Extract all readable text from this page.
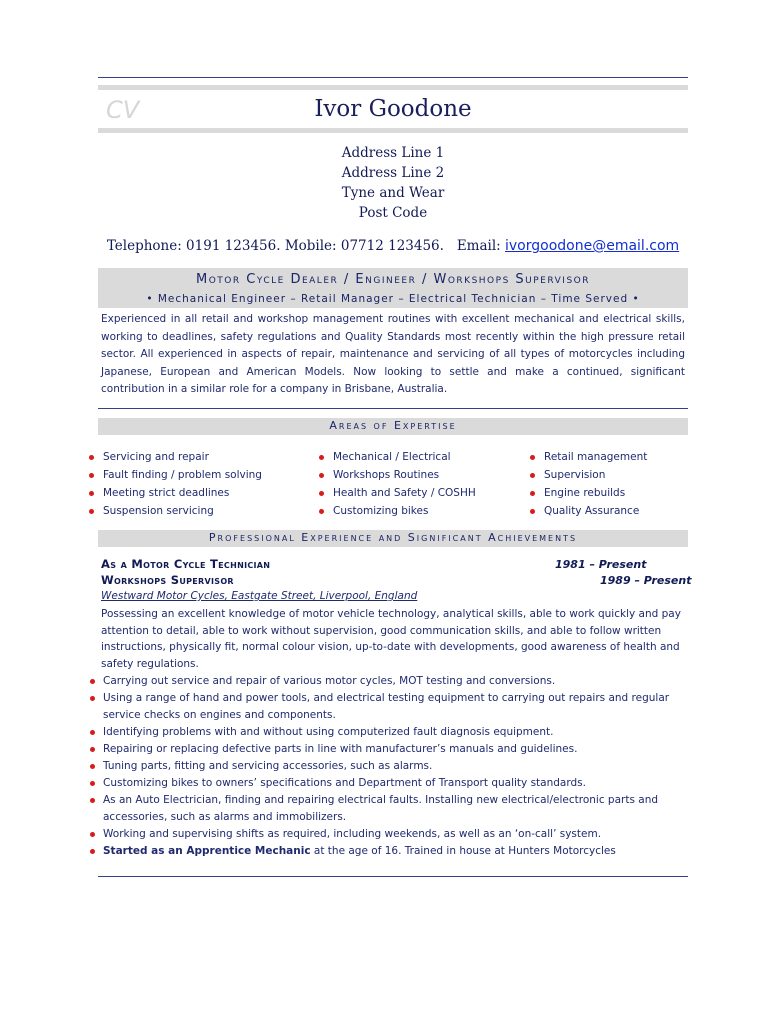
CV	Ivor Goodone
Address Line 1
Address Line 2
Tyne and Wear
Post Code
Telephone: 0191 123456. Mobile: 07712 123456. Email: ivorgoodone@email.com
Motor Cycle Dealer / Engineer / Workshops Supervisor
• Mechanical Engineer – Retail Manager – Electrical Technician – Time Served •
Experienced in all retail and workshop management routines with excellent mechanical and electrical skills, working to deadlines, safety regulations and Quality Standards most recently within the high pressure retail sector. All experienced in aspects of repair, maintenance and servicing of all types of motorcycles including Japanese, European and American Models. Now looking to settle and make a continued, significant contribution in a similar role for a company in Brisbane, Australia.
Areas of Expertise
Servicing and repair
Fault finding / problem solving
Meeting strict deadlines
Suspension servicing
Mechanical / Electrical
Workshops Routines
Health and Safety / COSHH
Customizing bikes
Retail management
Supervision
Engine rebuilds
Quality Assurance
Professional Experience and Significant Achievements
As a Motor Cycle Technician	1981 – Present
Workshops Supervisor	1989 – Present
Westward Motor Cycles, Eastgate Street, Liverpool, England
Possessing an excellent knowledge of motor vehicle technology, analytical skills, able to work quickly and pay attention to detail, able to work without supervision, good communication skills, and able to follow written instructions, physically fit, normal colour vision, up-to-date with developments, good awareness of health and safety regulations.
Carrying out service and repair of various motor cycles, MOT testing and conversions.
Using a range of hand and power tools, and electrical testing equipment to carrying out repairs and regular service checks on engines and components.
Identifying problems with and without using computerized fault diagnosis equipment.
Repairing or replacing defective parts in line with manufacturer’s manuals and guidelines.
Tuning parts, fitting and servicing accessories, such as alarms.
Customizing bikes to owners’ specifications and Department of Transport quality standards.
As an Auto Electrician, finding and repairing electrical faults. Installing new electrical/electronic parts and accessories, such as alarms and immobilizers.
Working and supervising shifts as required, including weekends, as well as an ‘on-call’ system.
Started as an Apprentice Mechanic at the age of 16. Trained in house at Hunters Motorcycles
